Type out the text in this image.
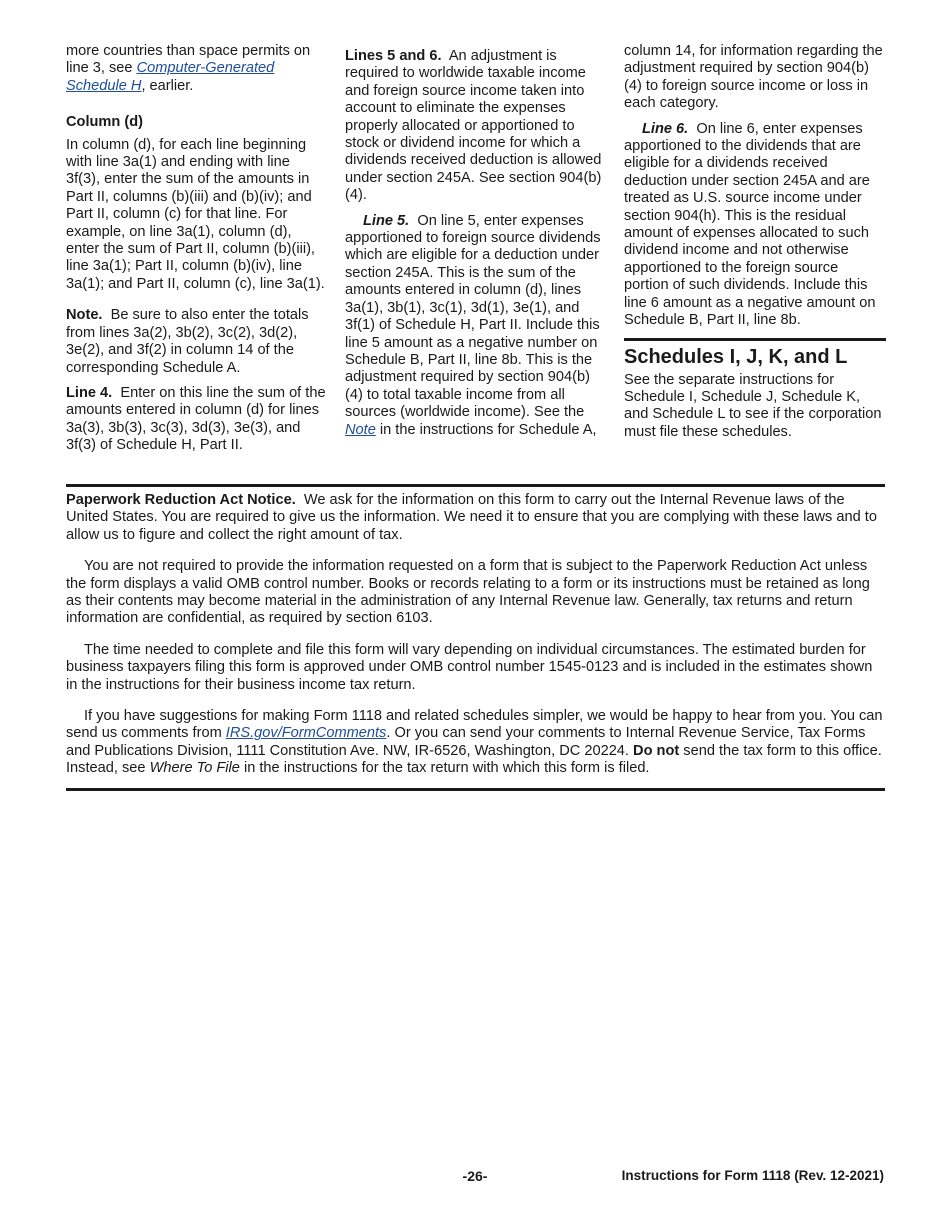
more countries than space permits on line 3, see Computer-Generated Schedule H, earlier.

Column (d)

In column (d), for each line beginning with line 3a(1) and ending with line 3f(3), enter the sum of the amounts in Part II, columns (b)(iii) and (b)(iv); and Part II, column (c) for that line. For example, on line 3a(1), column (d), enter the sum of Part II, column (b)(iii), line 3a(1); Part II, column (b)(iv), line 3a(1); and Part II, column (c), line 3a(1).

Note. Be sure to also enter the totals from lines 3a(2), 3b(2), 3c(2), 3d(2), 3e(2), and 3f(2) in column 14 of the corresponding Schedule A.

Line 4. Enter on this line the sum of the amounts entered in column (d) for lines 3a(3), 3b(3), 3c(3), 3d(3), 3e(3), and 3f(3) of Schedule H, Part II.

Lines 5 and 6. An adjustment is required to worldwide taxable income and foreign source income taken into account to eliminate the expenses properly allocated or apportioned to stock or dividend income for which a dividends received deduction is allowed under section 245A. See section 904(b)(4).

Line 5. On line 5, enter expenses apportioned to foreign source dividends which are eligible for a deduction under section 245A. This is the sum of the amounts entered in column (d), lines 3a(1), 3b(1), 3c(1), 3d(1), 3e(1), and 3f(1) of Schedule H, Part II. Include this line 5 amount as a negative number on Schedule B, Part II, line 8b. This is the adjustment required by section 904(b)(4) to total taxable income from all sources (worldwide income). See the Note in the instructions for Schedule A,

column 14, for information regarding the adjustment required by section 904(b)(4) to foreign source income or loss in each category.

Line 6. On line 6, enter expenses apportioned to the dividends that are eligible for a dividends received deduction under section 245A and are treated as U.S. source income under section 904(h). This is the residual amount of expenses allocated to such dividend income and not otherwise apportioned to the foreign source portion of such dividends. Include this line 6 amount as a negative amount on Schedule B, Part II, line 8b.

Schedules I, J, K, and L

See the separate instructions for Schedule I, Schedule J, Schedule K, and Schedule L to see if the corporation must file these schedules.

Paperwork Reduction Act Notice. We ask for the information on this form to carry out the Internal Revenue laws of the United States. You are required to give us the information. We need it to ensure that you are complying with these laws and to allow us to figure and collect the right amount of tax.

You are not required to provide the information requested on a form that is subject to the Paperwork Reduction Act unless the form displays a valid OMB control number. Books or records relating to a form or its instructions must be retained as long as their contents may become material in the administration of any Internal Revenue law. Generally, tax returns and return information are confidential, as required by section 6103.

The time needed to complete and file this form will vary depending on individual circumstances. The estimated burden for business taxpayers filing this form is approved under OMB control number 1545-0123 and is included in the estimates shown in the instructions for their business income tax return.

If you have suggestions for making Form 1118 and related schedules simpler, we would be happy to hear from you. You can send us comments from IRS.gov/FormComments. Or you can send your comments to Internal Revenue Service, Tax Forms and Publications Division, 1111 Constitution Ave. NW, IR-6526, Washington, DC 20224. Do not send the tax form to this office. Instead, see Where To File in the instructions for the tax return with which this form is filed.

-26-	Instructions for Form 1118 (Rev. 12-2021)
